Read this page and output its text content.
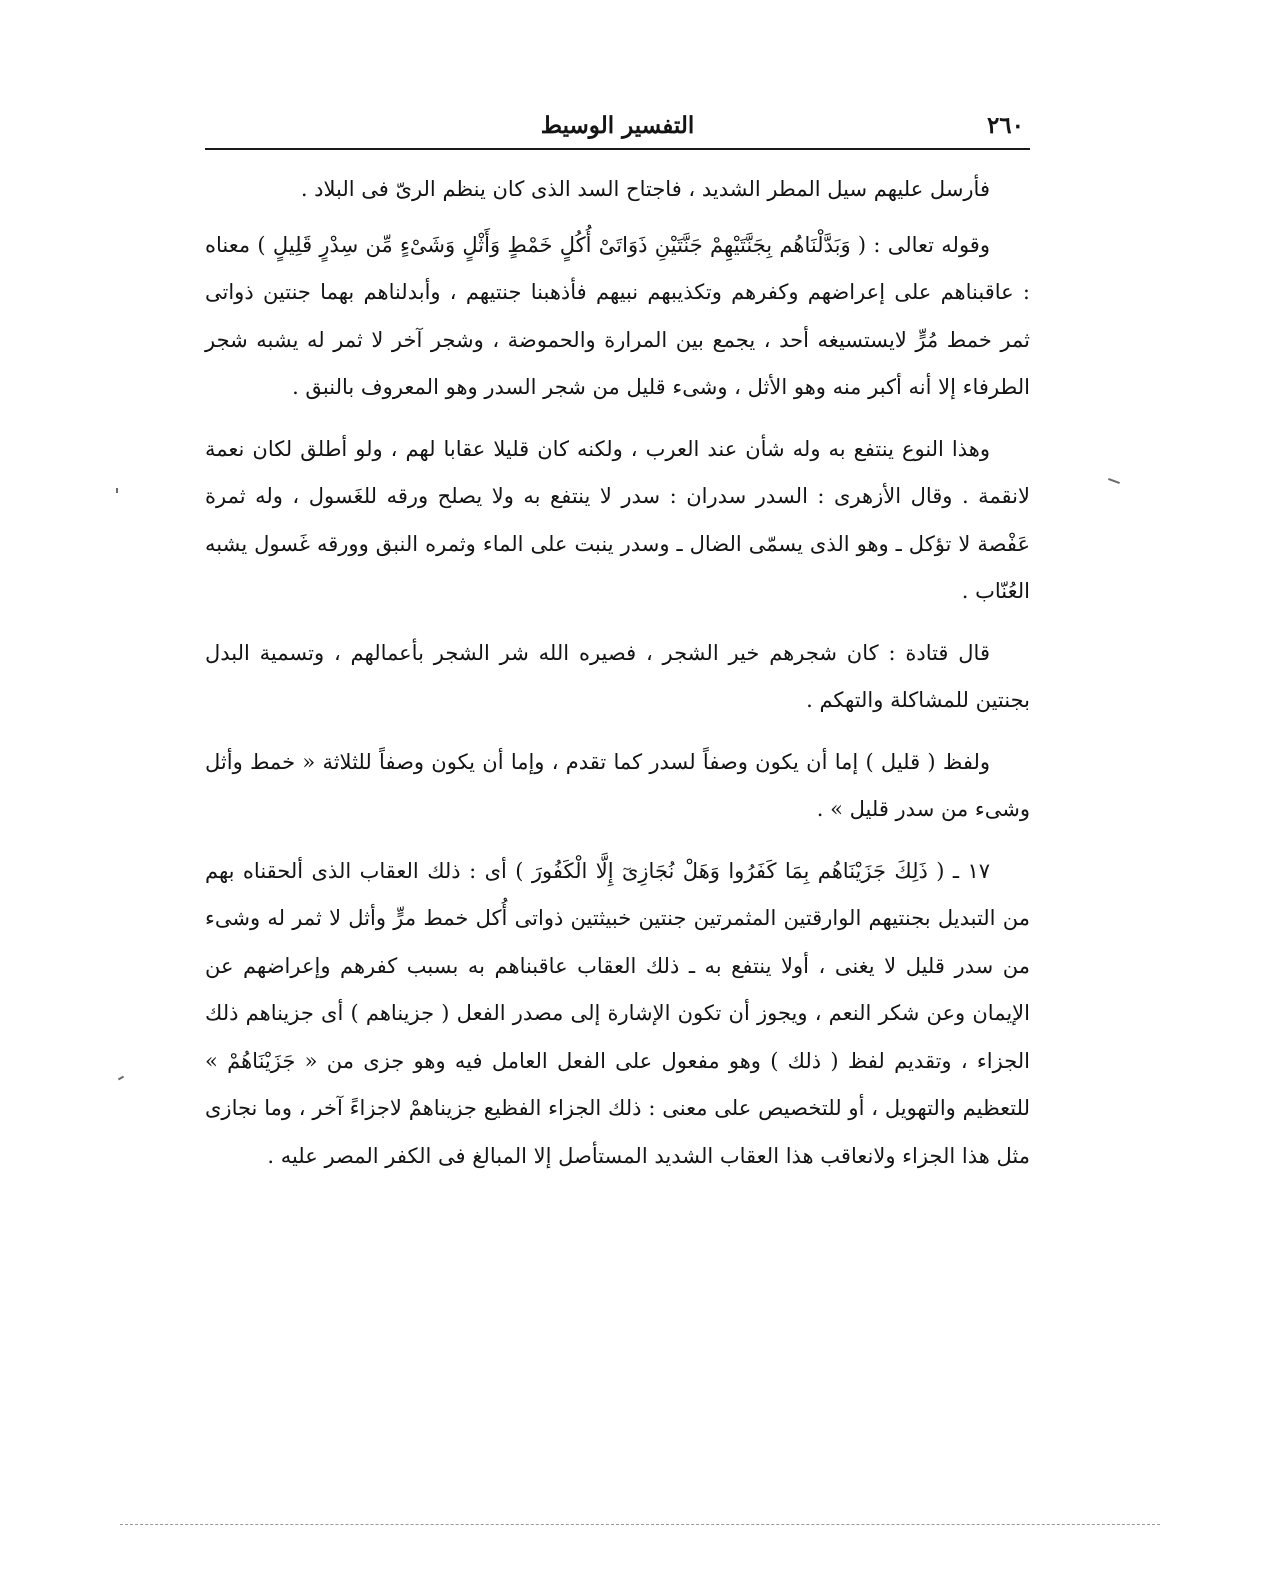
٢٦٠
التفسير الوسيط

فأرسل عليهم سيل المطر الشديد ، فاجتاح السد الذى كان ينظم الرىّ فى البلاد .

وقوله تعالى : ( وَبَدَّلْنَاهُم بِجَنَّتَيْهِمْ جَنَّتَيْنِ ذَوَاتَىْ أُكُلٍ خَمْطٍ وَأَثْلٍ وَشَىْءٍ مِّن سِدْرٍ قَلِيلٍ ) معناه : عاقبناهم على إعراضهم وكفرهم وتكذيبهم نبيهم فأذهبنا جنتيهم ، وأبدلناهم بهما جنتين ذواتى ثمر خمط مُرٍّ لايستسيغه أحد ، يجمع بين المرارة والحموضة ، وشجر آخر لا ثمر له يشبه شجر الطرفاء إلا أنه أكبر منه وهو الأثل ، وشىء قليل من شجر السدر وهو المعروف بالنبق .

وهذا النوع ينتفع به وله شأن عند العرب ، ولكنه كان قليلا عقابا لهم ، ولو أطلق لكان نعمة لانقمة . وقال الأزهرى : السدر سدران : سدر لا ينتفع به ولا يصلح ورقه للغَسول ، وله ثمرة عَفْصة لا تؤكل ـ وهو الذى يسمّى الضال ـ وسدر ينبت على الماء وثمره النبق وورقه غَسول يشبه العُنّاب .

قال قتادة : كان شجرهم خير الشجر ، فصيره الله شر الشجر بأعمالهم ، وتسمية البدل بجنتين للمشاكلة والتهكم .

ولفظ ( قليل ) إما أن يكون وصفاً لسدر كما تقدم ، وإما أن يكون وصفاً للثلاثة « خمط وأثل وشىء من سدر قليل » .

١٧ ـ ( ذَلِكَ جَزَيْنَاهُم بِمَا كَفَرُوا وَهَلْ نُجَازِىٓ إِلَّا الْكَفُورَ ) أى : ذلك العقاب الذى ألحقناه بهم من التبديل بجنتيهم الوارقتين المثمرتين جنتين خبيثتين ذواتى أُكل خمط مرٍّ وأثل لا ثمر له وشىء من سدر قليل لا يغنى ، أولا ينتفع به ـ ذلك العقاب عاقبناهم به بسبب كفرهم وإعراضهم عن الإيمان وعن شكر النعم ، ويجوز أن تكون الإشارة إلى مصدر الفعل ( جزيناهم ) أى جزيناهم ذلك الجزاء ، وتقديم لفظ ( ذلك ) وهو مفعول على الفعل العامل فيه وهو جزى من « جَزَيْنَاهُمْ » للتعظيم والتهويل ، أو للتخصيص على معنى : ذلك الجزاء الفظيع جزيناهمْ لاجزاءً آخر ، وما نجازى مثل هذا الجزاء ولانعاقب هذا العقاب الشديد المستأصل إلا المبالغ فى الكفر المصر عليه .
